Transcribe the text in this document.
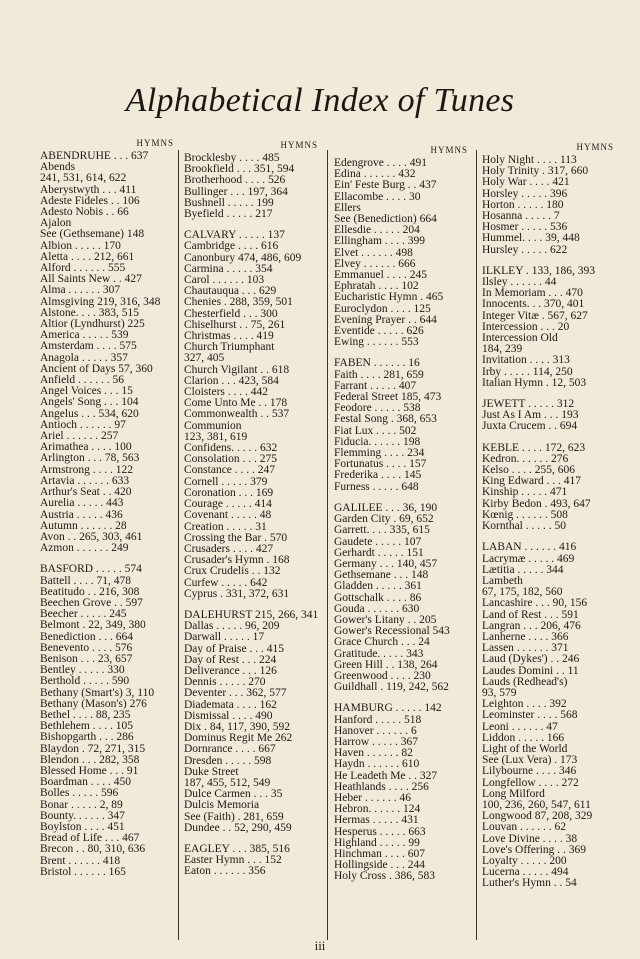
Alphabetical Index of Tunes
HYMNS
ABENDRUHE . . . 637
Abends
241, 531, 614, 622
Aberystwyth . . . 411
Adeste Fideles . . 106
Adesto Nobis . . 66
Ajalon
See (Gethsemane) 148
Albion . . . . . 170
Aletta . . . . 212, 661
Alford . . . . . . 555
All Saints New . . 427
Alma . . . . . . 307
Almsgiving 219, 316, 348
Alstone. . . . 383, 515
Altior (Lyndhurst) 225
America . . . . . 539
Amsterdam . . . . 575
Anagola . . . . . 357
Ancient of Days 57, 360
Anfield . . . . . . 56
Angel Voices . . . 15
Angels' Song . . . 104
Angelus . . . 534, 620
Antioch . . . . . . 97
Ariel . . . . . . 257
Arimathea . . . . 100
Arlington . . . 78, 563
Armstrong . . . . 122
Artavia . . . . . . 633
Arthur's Seat . . 420
Aurelia . . . . . 443
Austria . . . . . 436
Autumn . . . . . . 28
Avon . . 265, 303, 461
Azmon . . . . . . 249
BASFORD . . . . . 574
Battell . . . . 71, 478
Beatitudo . . 216, 308
Beechen Grove . . 597
Beecher . . . . . 245
Belmont . 22, 349, 380
Benediction . . . 664
Benevento . . . . 576
Benison . . . 23, 657
Bentley . . . . . 330
Berthold . . . . . 590
Bethany (Smart's) 3, 110
Bethany (Mason's) 276
Bethel . . . . 88, 235
Bethlehem . . . . 105
Bishopgarth . . . 286
Blaydon . 72, 271, 315
Blendon . . . 282, 358
Blessed Home . . . 91
Boardman . . . . 450
Bolles . . . . . 596
Bonar . . . . . 2, 89
Bounty. . . . . . 347
Boylston . . . . 451
Bread of Life . . . 467
Brecon . . 80, 310, 636
Brent . . . . . . 418
Bristol . . . . . . 165
HYMNS
Brocklesby . . . . 485
Brookfield . . . 351, 594
Brotherhood . . . . 526
Bullinger . . . 197, 364
Bushnell . . . . . 199
Byefield . . . . . 217
CALVARY . . . . . 137
Cambridge . . . . 616
Canonbury 474, 486, 609
Carmina . . . . . 354
Carol . . . . . . 103
Chautauqua . . . 629
Chenies . 288, 359, 501
Chesterfield . . . 300
Chiselhurst . . 75, 261
Christmas . . . . 419
Church Triumphant
327, 405
Church Vigilant . . 618
Clarion . . . 423, 584
Cloisters . . . . 442
Come Unto Me . . 178
Commonwealth . . 537
Communion
123, 381, 619
Confidens. . . . . 632
Consolation . . . 275
Constance . . . . 247
Cornell . . . . . 379
Coronation . . . 169
Courage . . . . . 414
Covenant . . . . . 48
Creation . . . . . 31
Crossing the Bar . 570
Crusaders . . . . 427
Crusader's Hymn . 168
Crux Crudelis . . 132
Curfew . . . . . 642
Cyprus . 331, 372, 631
DALEHURST 215, 266, 341
Dallas . . . . . 96, 209
Darwall . . . . . 17
Day of Praise . . . 415
Day of Rest . . . 224
Deliverance . . . 126
Dennis . . . . . 270
Deventer . . . 362, 577
Diademata . . . . 162
Dismissal . . . . 490
Dix . 84, 117, 390, 592
Dominus Regit Me 262
Dornrance . . . . 667
Dresden . . . . . 598
Duke Street
187, 455, 512, 549
Dulce Carmen . . . 35
Dulcis Memoria
See (Faith) . 281, 659
Dundee . . 52, 290, 459
EAGLEY . . . 385, 516
Easter Hymn . . . 152
Eaton . . . . . . 356
HYMNS
Edengrove . . . . 491
Edina . . . . . . 432
Ein' Feste Burg . . 437
Ellacombe . . . . 30
Ellers
See (Benediction) 664
Ellesdie . . . . . 204
Ellingham . . . . 399
Elvet . . . . . . 498
Elvey . . . . . . 666
Emmanuel . . . . 245
Ephratah . . . . 102
Eucharistic Hymn . 465
Euroclydon . . . . 125
Evening Prayer . . 644
Eventide . . . . . 626
Ewing . . . . . . 553
FABEN . . . . . . 16
Faith . . . . 281, 659
Farrant . . . . . 407
Federal Street 185, 473
Feodore . . . . . 538
Festal Song . 368, 653
Fiat Lux . . . . 502
Fiducia. . . . . . 198
Flemming . . . . 234
Fortunatus . . . . 157
Frederika . . . . 145
Furness . . . . . 648
GALILEE . . . 36, 190
Garden City . 69, 652
Garrett. . . . 335, 615
Gaudete . . . . . 107
Gerhardt . . . . . 151
Germany . . . 140, 457
Gethsemane . . . 148
Gladden . . . . . 361
Gottschalk . . . . 86
Gouda . . . . . . 630
Gower's Litany . . 205
Gower's Recessional 543
Grace Church . . . 24
Gratitude. . . . . 343
Green Hill . . 138, 264
Greenwood . . . . 230
Guildhall . 119, 242, 562
HAMBURG . . . . . 142
Hanford . . . . . 518
Hanover . . . . . . 6
Harrow . . . . . 367
Haven . . . . . . 82
Haydn . . . . . . 610
He Leadeth Me . . 327
Heathlands . . . . 256
Heber . . . . . . 46
Hebron. . . . . . 124
Hermas . . . . . 431
Hesperus . . . . . 663
Highland . . . . . 99
Hinchman . . . . 607
Hollingside . . . 244
Holy Cross . 386, 583
HYMNS
Holy Night . . . . 113
Holy Trinity . 317, 660
Holy War . . . . 421
Horsley . . . . . 396
Horton . . . . . 180
Hosanna . . . . . 7
Hosmer . . . . . 536
Hummel. . . . 39, 448
Hursley . . . . . 622
ILKLEY . 133, 186, 393
Ilsley . . . . . . 44
In Memoriam . . . 470
Innocents. . . 370, 401
Integer Vitæ . 567, 627
Intercession . . . 20
Intercession Old
184, 239
Invitation . . . . 313
Irby . . . . . 114, 250
Italian Hymn . 12, 503
JEWETT . . . . . 312
Just As I Am . . . 193
Juxta Crucem . . 694
KEBLE . . . . 172, 623
Kedron. . . . . . 276
Kelso . . . . 255, 606
King Edward . . . 417
Kinship . . . . . 471
Kirby Bedon . 493, 647
Kœnig . . . . . . 508
Kornthal . . . . . 50
LABAN . . . . . . 416
Lacrymæ . . . . . 469
Lætitia . . . . . 344
Lambeth
67, 175, 182, 560
Lancashire . . . 90, 156
Land of Rest . . . 591
Langran . . . 206, 476
Lanherne . . . . 366
Lassen . . . . . . 371
Laud (Dykes') . . 246
Laudes Domini . . 11
Lauds (Redhead's)
93, 579
Leighton . . . . 392
Leominster . . . . 568
Leoni . . . . . . 47
Liddon . . . . . 166
Light of the World
See (Lux Vera) . 173
Lilybourne . . . . 346
Longfellow . . . . 272
Long Milford
100, 236, 260, 547, 611
Longwood 87, 208, 329
Louvan . . . . . . 62
Love Divine . . . . 38
Love's Offering . . 369
Loyalty . . . . . 200
Lucerna . . . . . 494
Luther's Hymn . . 54
iii
